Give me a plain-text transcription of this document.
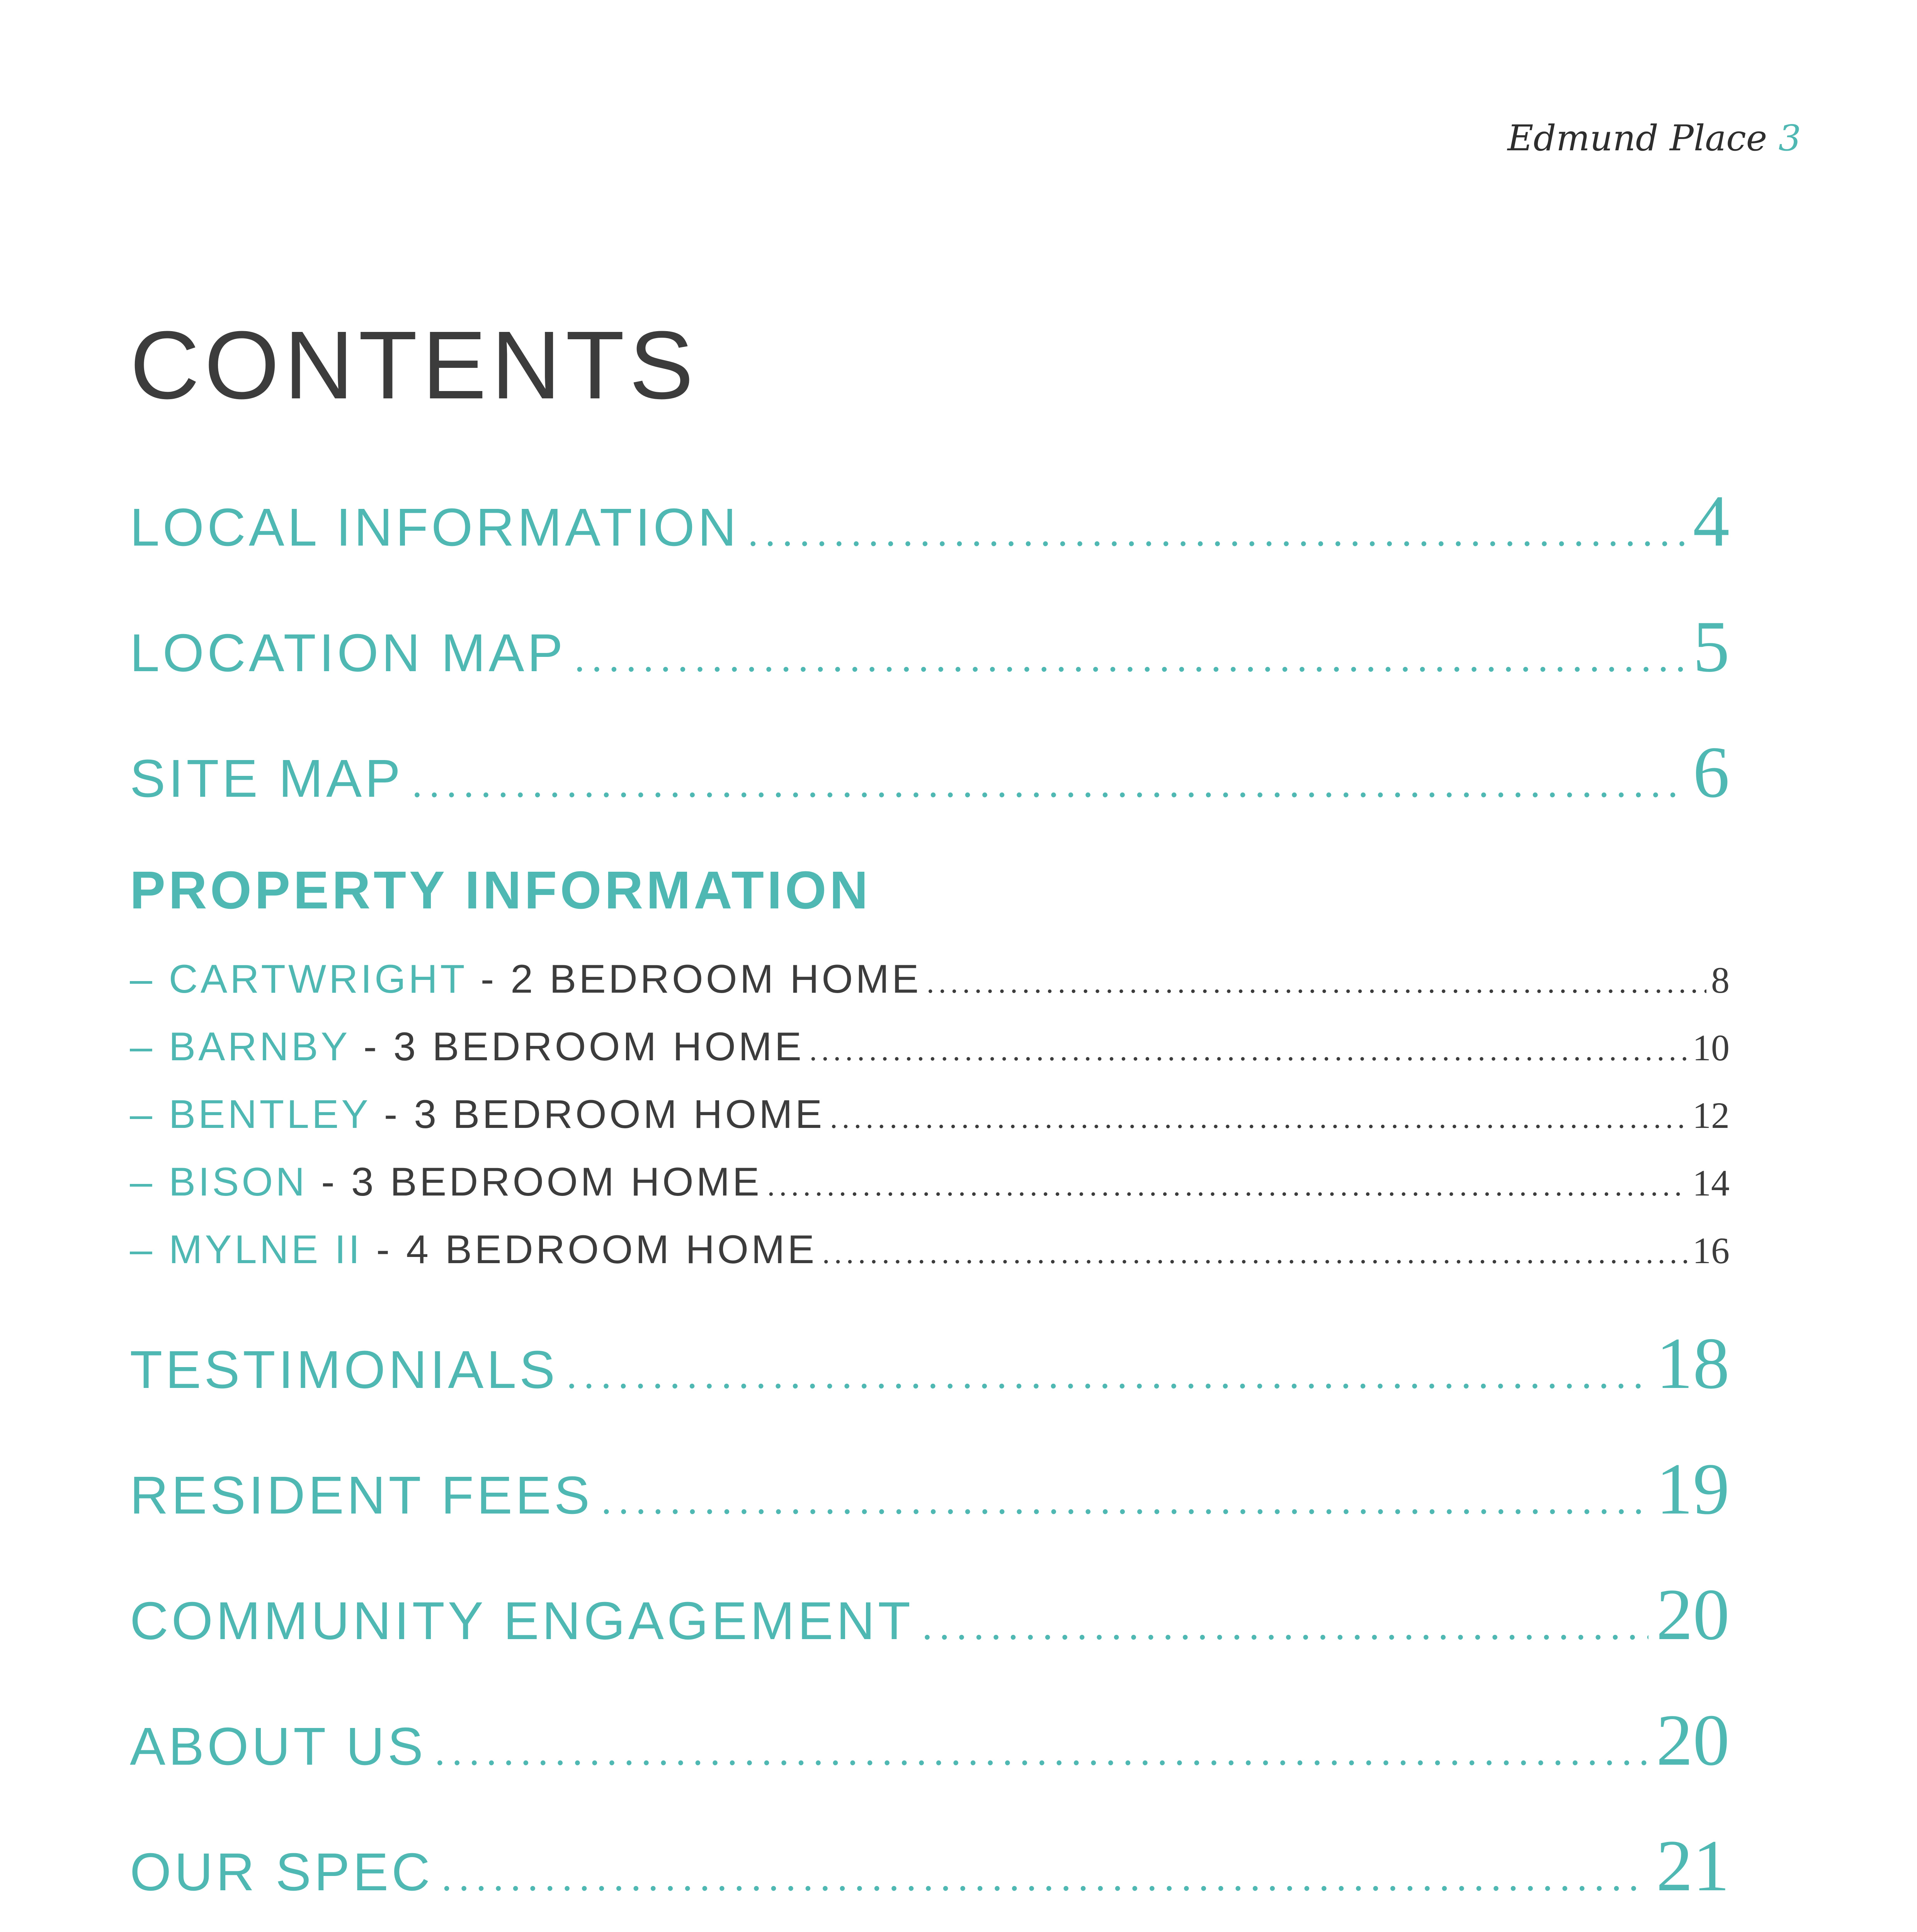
Edmund Place 3
CONTENTS
LOCAL INFORMATION .....	4
LOCATION MAP .....	5
SITE MAP .....	6
PROPERTY INFORMATION
– CARTWRIGHT - 2 BEDROOM HOME .....	8
– BARNBY - 3 BEDROOM HOME .....	10
– BENTLEY - 3 BEDROOM HOME .....	12
– BISON - 3 BEDROOM HOME .....	14
– MYLNE II - 4 BEDROOM HOME .....	16
TESTIMONIALS .....	18
RESIDENT FEES .....	19
COMMUNITY ENGAGEMENT .....	20
ABOUT US .....	20
OUR SPEC .....	21
